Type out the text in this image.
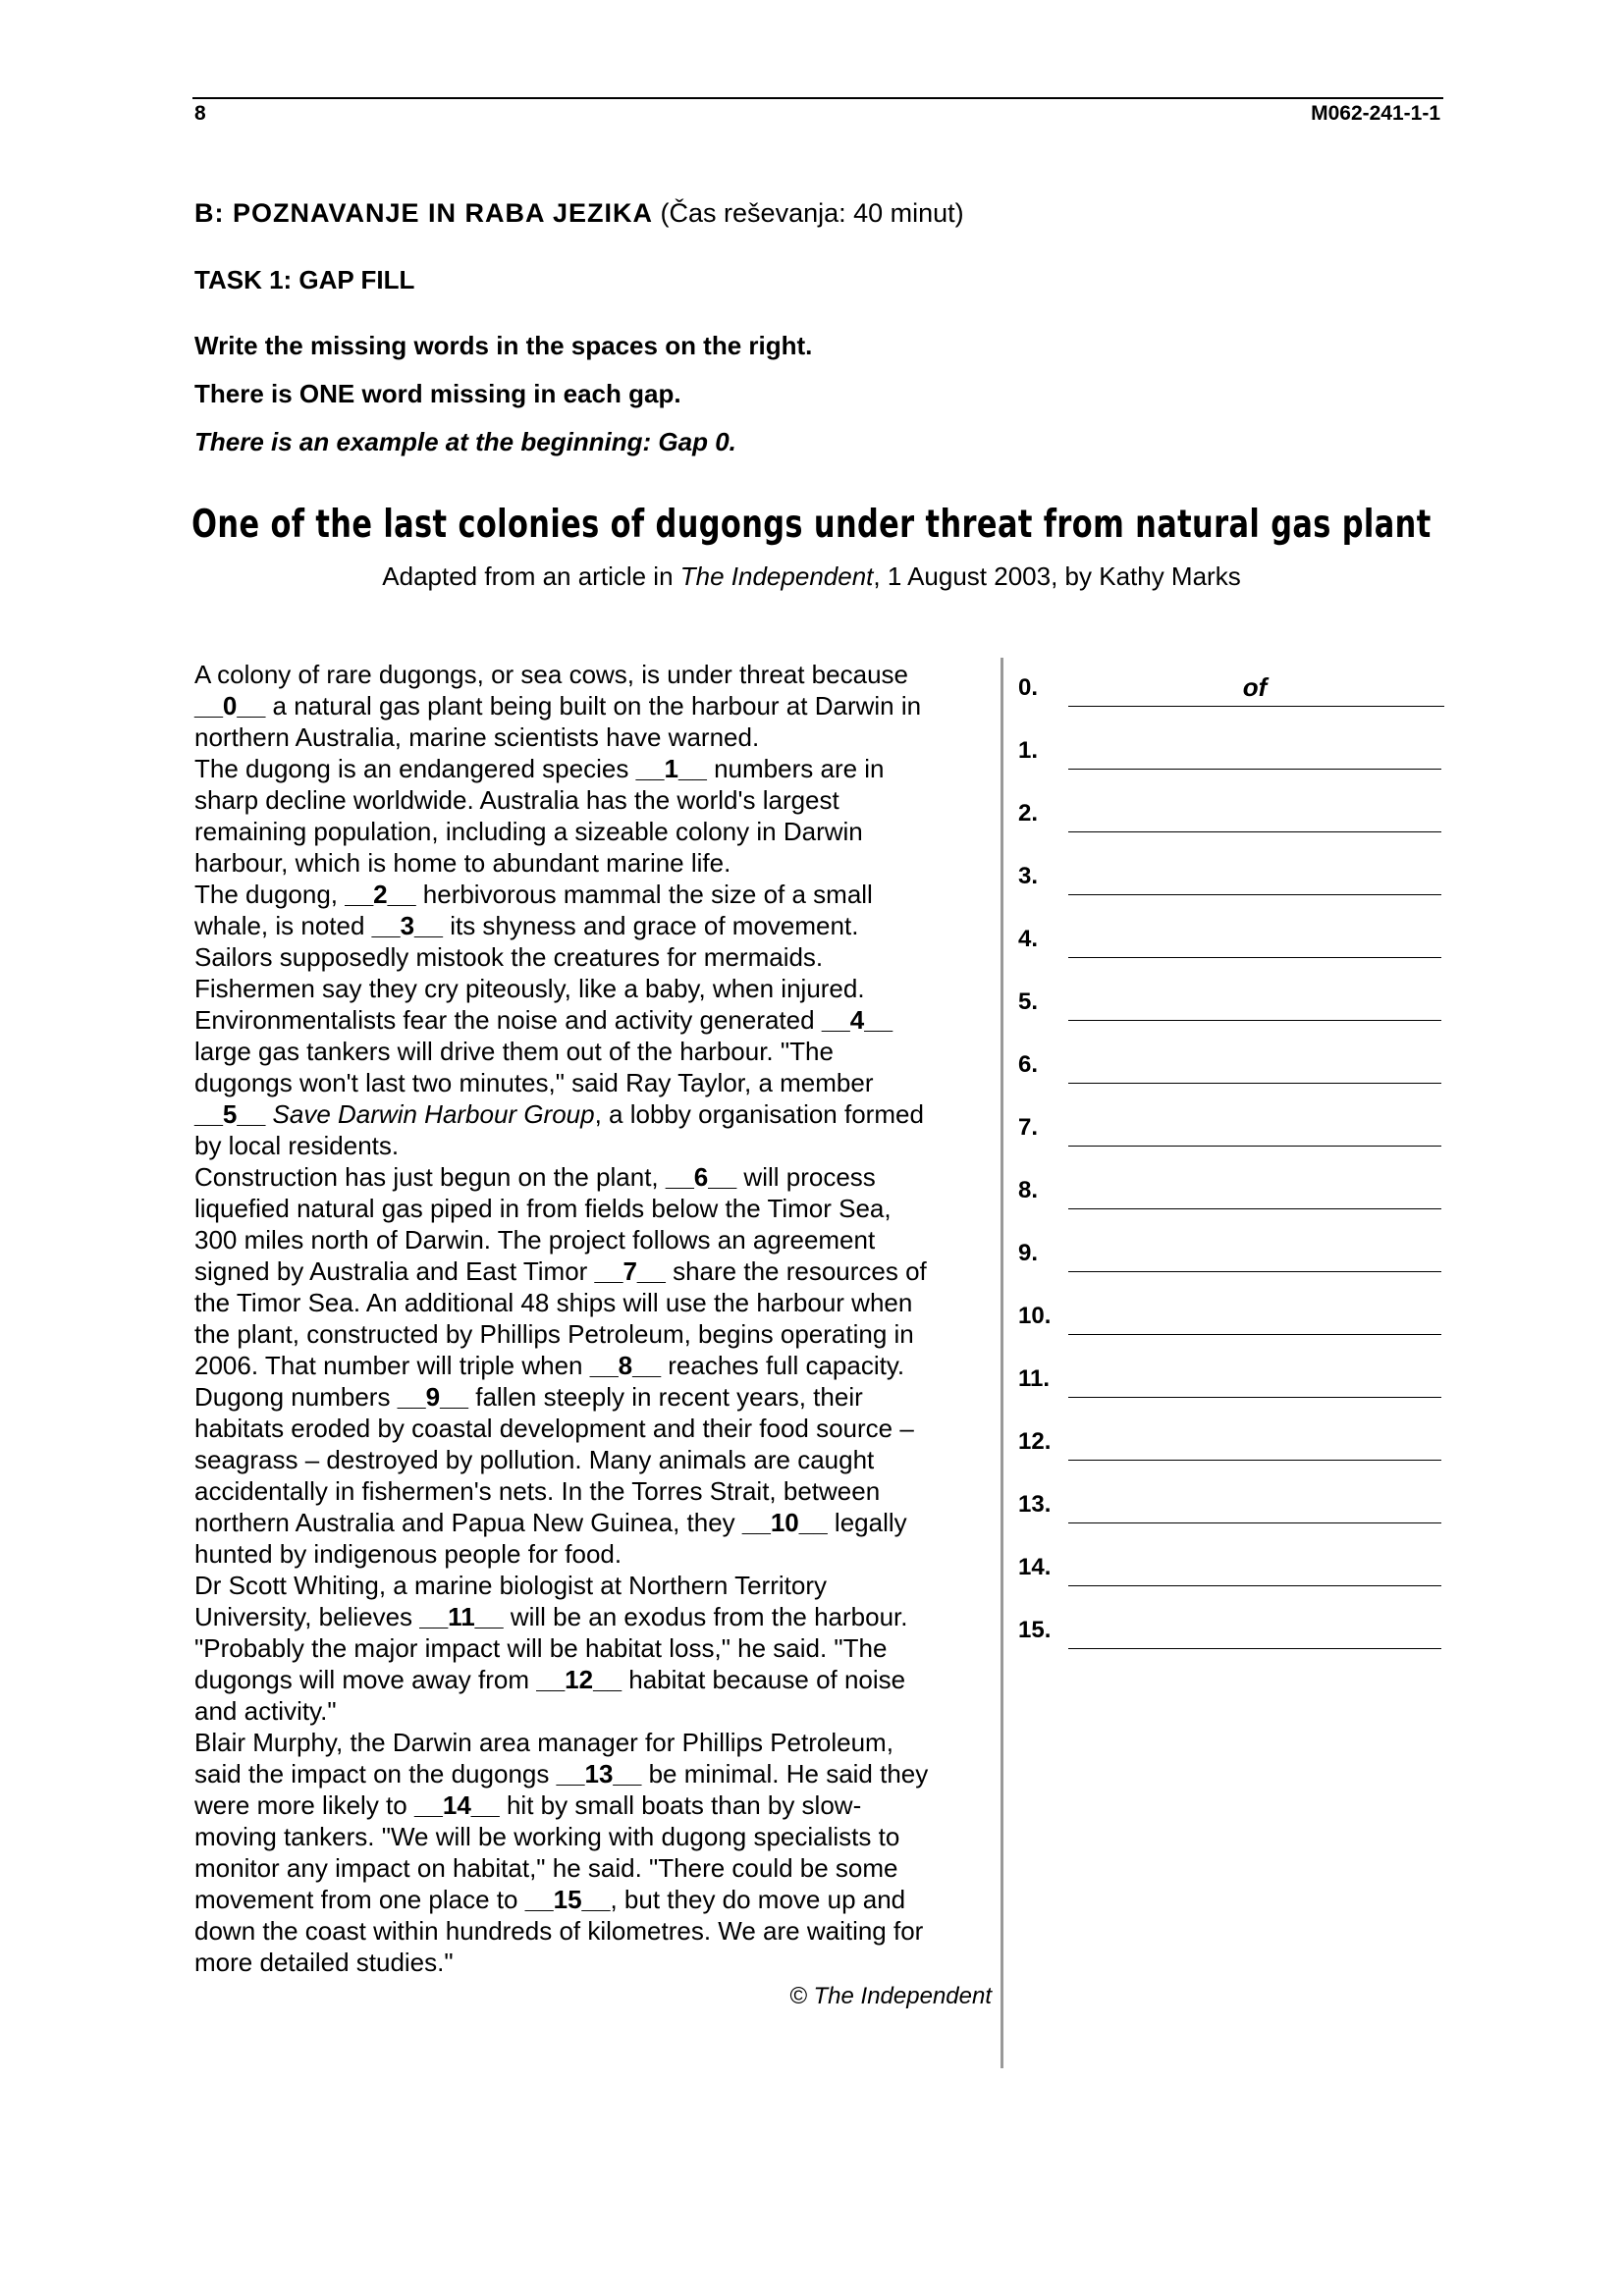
8	M062-241-1-1
B: POZNAVANJE IN RABA JEZIKA (Čas reševanja: 40 minut)
TASK 1: GAP FILL
Write the missing words in the spaces on the right.
There is ONE word missing in each gap.
There is an example at the beginning: Gap 0.
One of the last colonies of dugongs under threat from natural gas plant
Adapted from an article in The Independent, 1 August 2003, by Kathy Marks
A colony of rare dugongs, or sea cows, is under threat because
__0__ a natural gas plant being built on the harbour at Darwin in
northern Australia, marine scientists have warned.
The dugong is an endangered species __1__ numbers are in
sharp decline worldwide. Australia has the world's largest
remaining population, including a sizeable colony in Darwin
harbour, which is home to abundant marine life.
The dugong, __2__ herbivorous mammal the size of a small
whale, is noted __3__ its shyness and grace of movement.
Sailors supposedly mistook the creatures for mermaids.
Fishermen say they cry piteously, like a baby, when injured.
Environmentalists fear the noise and activity generated __4__
large gas tankers will drive them out of the harbour. "The
dugongs won't last two minutes," said Ray Taylor, a member
__5__ Save Darwin Harbour Group, a lobby organisation formed
by local residents.
Construction has just begun on the plant, __6__ will process
liquefied natural gas piped in from fields below the Timor Sea,
300 miles north of Darwin. The project follows an agreement
signed by Australia and East Timor __7__ share the resources of
the Timor Sea. An additional 48 ships will use the harbour when
the plant, constructed by Phillips Petroleum, begins operating in
2006. That number will triple when __8__ reaches full capacity.
Dugong numbers __9__ fallen steeply in recent years, their
habitats eroded by coastal development and their food source –
seagrass – destroyed by pollution. Many animals are caught
accidentally in fishermen's nets. In the Torres Strait, between
northern Australia and Papua New Guinea, they __10__ legally
hunted by indigenous people for food.
Dr Scott Whiting, a marine biologist at Northern Territory
University, believes __11__ will be an exodus from the harbour.
"Probably the major impact will be habitat loss," he said. "The
dugongs will move away from __12__ habitat because of noise
and activity."
Blair Murphy, the Darwin area manager for Phillips Petroleum,
said the impact on the dugongs __13__ be minimal. He said they
were more likely to __14__ hit by small boats than by slow-
moving tankers. "We will be working with dugong specialists to
monitor any impact on habitat," he said. "There could be some
movement from one place to __15__, but they do move up and
down the coast within hundreds of kilometres. We are waiting for
more detailed studies."
© The Independent
0.	of
1.
2.
3.
4.
5.
6.
7.
8.
9.
10.
11.
12.
13.
14.
15.
